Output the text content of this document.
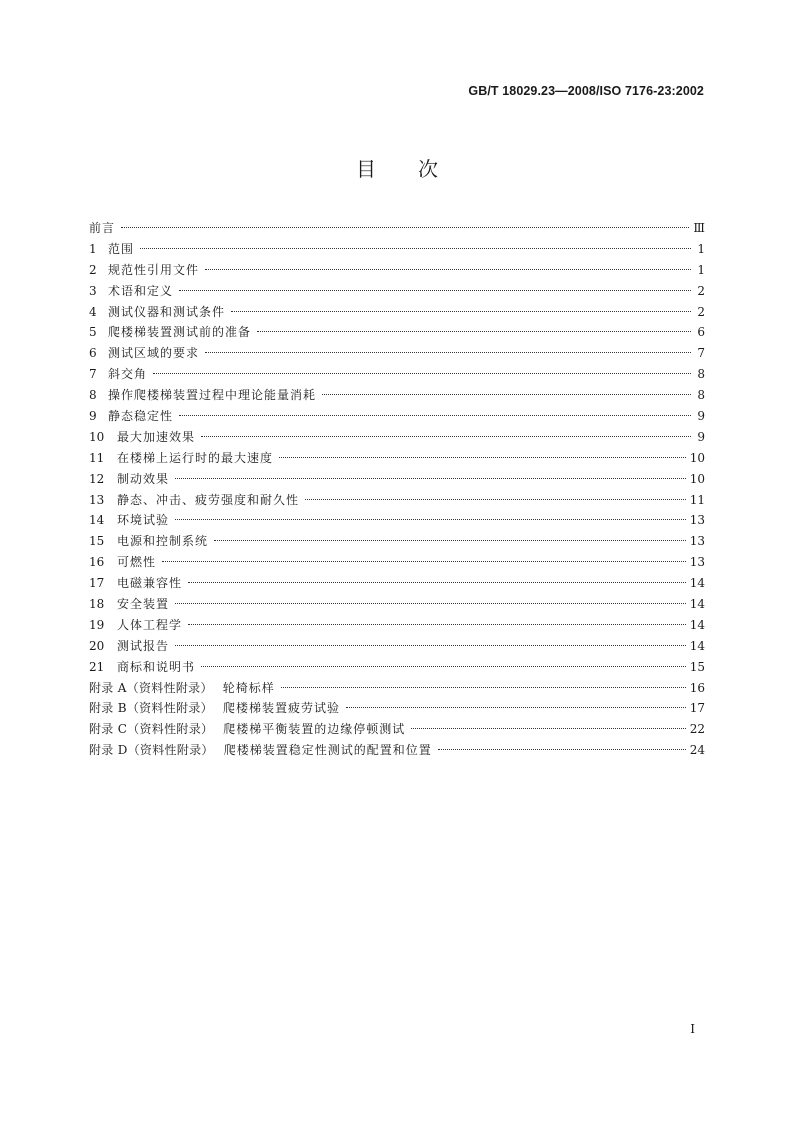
GB/T 18029.23—2008/ISO 7176-23:2002
目次
前言	Ⅲ
1 范围	1
2 规范性引用文件	1
3 术语和定义	2
4 测试仪器和测试条件	2
5 爬楼梯装置测试前的准备	6
6 测试区域的要求	7
7 斜交角	8
8 操作爬楼梯装置过程中理论能量消耗	8
9 静态稳定性	9
10	最大加速效果	9
11	在楼梯上运行时的最大速度	10
12	制动效果	10
13	静态、冲击、疲劳强度和耐久性	11
14	环境试验	13
15	电源和控制系统	13
16	可燃性	13
17	电磁兼容性	14
18	安全装置	14
19	人体工程学	14
20	测试报告	14
21	商标和说明书	15
附录 A（资料性附录） 轮椅标样	16
附录 B（资料性附录） 爬楼梯装置疲劳试验	17
附录 C（资料性附录） 爬楼梯平衡装置的边缘停顿测试	22
附录 D（资料性附录） 爬楼梯装置稳定性测试的配置和位置	24
I
